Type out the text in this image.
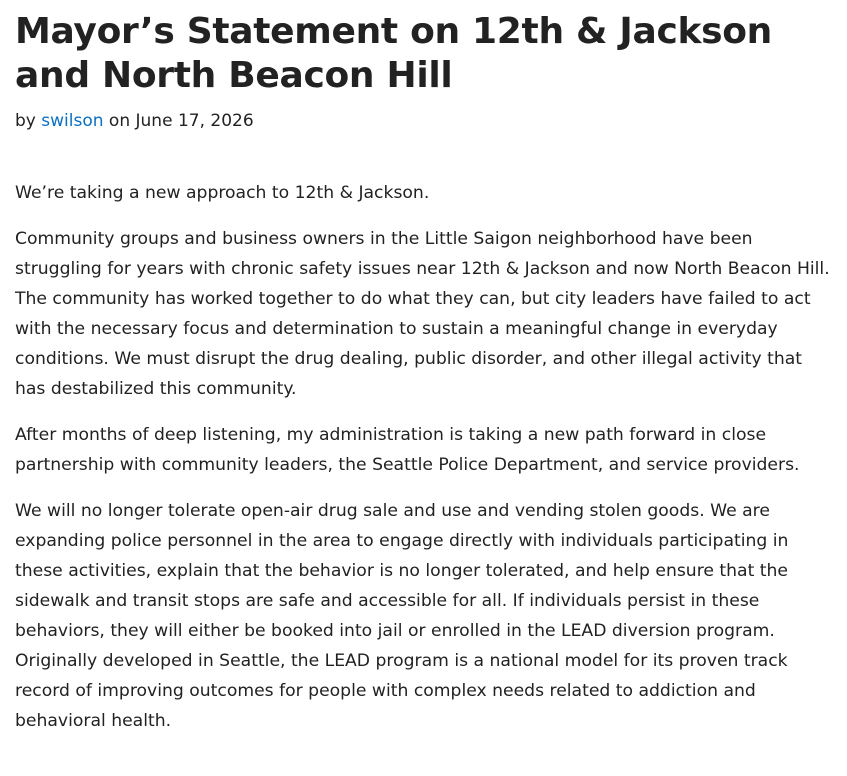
Mayor’s Statement on 12th & Jackson and North Beacon Hill
by swilson on June 17, 2026

We’re taking a new approach to 12th & Jackson.

Community groups and business owners in the Little Saigon neighborhood have been struggling for years with chronic safety issues near 12th & Jackson and now North Beacon Hill. The community has worked together to do what they can, but city leaders have failed to act with the necessary focus and determination to sustain a meaningful change in everyday conditions. We must disrupt the drug dealing, public disorder, and other illegal activity that has destabilized this community.

After months of deep listening, my administration is taking a new path forward in close partnership with community leaders, the Seattle Police Department, and service providers.

We will no longer tolerate open-air drug sale and use and vending stolen goods. We are expanding police personnel in the area to engage directly with individuals participating in these activities, explain that the behavior is no longer tolerated, and help ensure that the sidewalk and transit stops are safe and accessible for all. If individuals persist in these behaviors, they will either be booked into jail or enrolled in the LEAD diversion program. Originally developed in Seattle, the LEAD program is a national model for its proven track record of improving outcomes for people with complex needs related to addiction and behavioral health.
